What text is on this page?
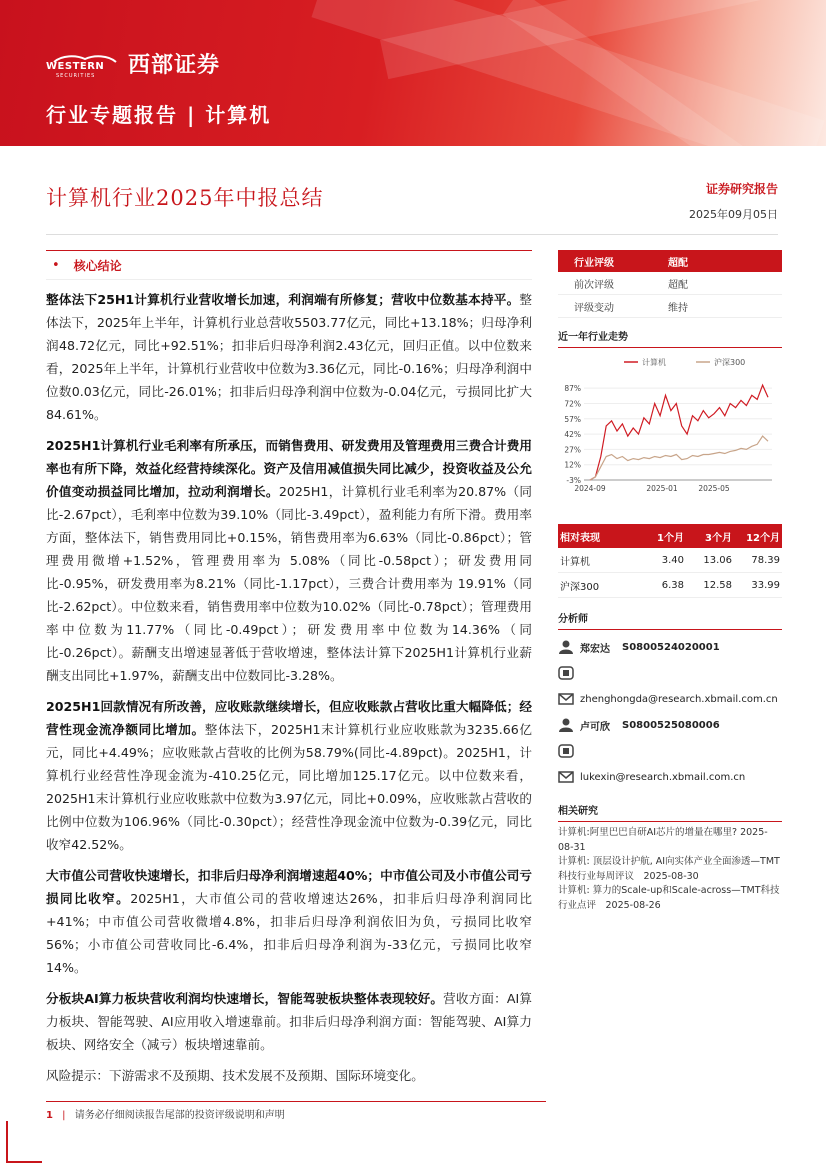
WESTERN
SECURITIES 西部证券
行业专题报告 | 计算机
计算机行业2025年中报总结	证券研究报告
2025年09月05日
• 核心结论

整体法下25H1计算机行业营收增长加速，利润端有所修复；营收中位数基本持平。整体法下，2025年上半年，计算机行业总营收5503.77亿元，同比+13.18%；归母净利润48.72亿元，同比+92.51%；扣非后归母净利润2.43亿元，回归正值。以中位数来看，2025年上半年，计算机行业营收中位数为3.36亿元，同比-0.16%；归母净利润中位数0.03亿元，同比-26.01%；扣非后归母净利润中位数为-0.04亿元，亏损同比扩大84.61%。

2025H1计算机行业毛利率有所承压，而销售费用、研发费用及管理费用三费合计费用率也有所下降，效益化经营持续深化。资产及信用减值损失同比减少，投资收益及公允价值变动损益同比增加，拉动利润增长。2025H1，计算机行业毛利率为20.87%（同比-2.67pct），毛利率中位数为39.10%（同比-3.49pct），盈利能力有所下滑。费用率方面，整体法下，销售费用同比+0.15%，销售费用率为6.63%（同比-0.86pct）；管理费用微增+1.52%，管理费用率为 5.08%（同比-0.58pct）；研发费用同比-0.95%，研发费用率为8.21%（同比-1.17pct），三费合计费用率为 19.91%（同比-2.62pct）。中位数来看，销售费用率中位数为10.02%（同比-0.78pct）；管理费用率中位数为11.77%（同比-0.49pct）；研发费用率中位数为14.36%（同比-0.26pct）。薪酬支出增速显著低于营收增速，整体法计算下2025H1计算机行业薪酬支出同比+1.97%，薪酬支出中位数同比-3.28%。

2025H1回款情况有所改善，应收账款继续增长，但应收账款占营收比重大幅降低；经营性现金流净额同比增加。整体法下，2025H1末计算机行业应收账款为3235.66亿元，同比+4.49%；应收账款占营收的比例为58.79%(同比-4.89pct)。2025H1，计算机行业经营性净现金流为-410.25亿元，同比增加125.17亿元。以中位数来看，2025H1末计算机行业应收账款中位数为3.97亿元，同比+0.09%，应收账款占营收的比例中位数为106.96%（同比-0.30pct）；经营性净现金流中位数为-0.39亿元，同比收窄42.52%。

大市值公司营收快速增长，扣非后归母净利润增速超40%；中市值公司及小市值公司亏损同比收窄。2025H1，大市值公司的营收增速达26%，扣非后归母净利润同比+41%；中市值公司营收微增4.8%，扣非后归母净利润依旧为负，亏损同比收窄56%；小市值公司营收同比-6.4%，扣非后归母净利润为-33亿元，亏损同比收窄14%。

分板块AI算力板块营收利润均快速增长，智能驾驶板块整体表现较好。营收方面：AI算力板块、智能驾驶、AI应用收入增速靠前。扣非后归母净利润方面：智能驾驶、AI算力板块、网络安全（减亏）板块增速靠前。

风险提示：下游需求不及预期、技术发展不及预期、国际环境变化。

行业评级	超配
前次评级	超配
评级变动	维持
近一年行业走势
计算机	沪深300
87%
72%
57%
42%
27%
12%
-3%
2024-09	2025-01	2025-05
相对表现	1个月	3个月	12个月
计算机	3.40	13.06	78.39
沪深300	6.38	12.58	33.99
分析师
郑宏达 S0800524020001
zhenghongda@research.xbmail.com.cn
卢可欣 S0800525080006
lukexin@research.xbmail.com.cn
相关研究
计算机:阿里巴巴自研AI芯片的增量在哪里? 2025-08-31
计算机: 顶层设计护航, AI向实体产业全面渗透—TMT科技行业每周评议　2025-08-30
计算机: 算力的Scale-up和Scale-across—TMT科技行业点评　2025-08-26
1 | 请务必仔细阅读报告尾部的投资评级说明和声明
